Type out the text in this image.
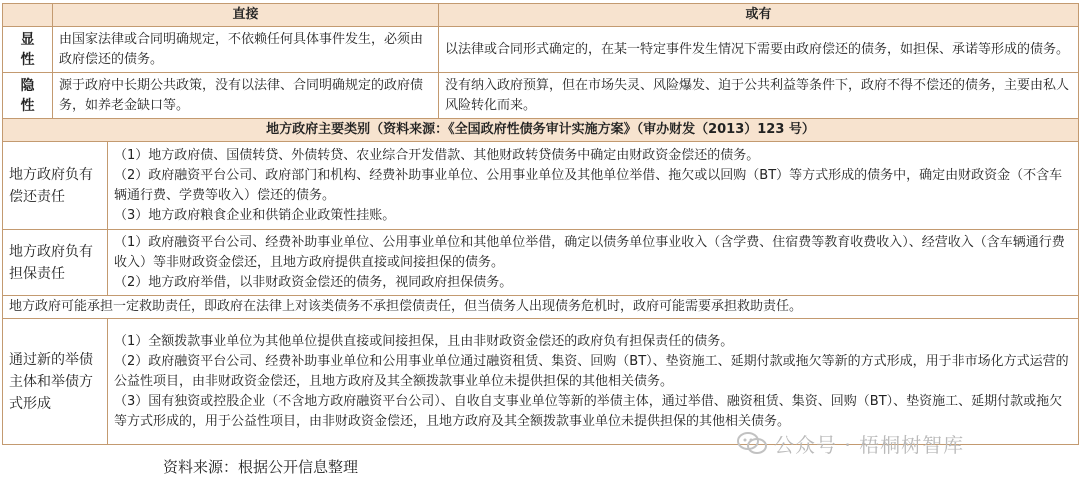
	直接		或有
显
性	由国家法律或合同明确规定，不依赖任何具体事件发生，必须由政府偿还的债务。		以法律或合同形式确定的，在某一特定事件发生情况下需要由政府偿还的债务，如担保、承诺等形成的债务。
隐
性	源于政府中长期公共政策，没有以法律、合同明确规定的政府债务，如养老金缺口等。		没有纳入政府预算，但在市场失灵、风险爆发、迫于公共利益等条件下，政府不得不偿还的债务，主要由私人风险转化而来。
地方政府主要类别（资料来源：《全国政府性债务审计实施方案》（审办财发（2013）123 号）			
地方政府负有偿还责任		（1）地方政府债、国债转贷、外债转贷、农业综合开发借款、其他财政转贷债务中确定由财政资金偿还的债务。
（2）政府融资平台公司、政府部门和机构、经费补助事业单位、公用事业单位及其他单位举借、拖欠或以回购（BT）等方式形成的债务中，确定由财政资金（不含车辆通行费、学费等收入）偿还的债务。
（3）地方政府粮食企业和供销企业政策性挂账。	

地方政府负有担保责任		（1）政府融资平台公司、经费补助事业单位、公用事业单位和其他单位举借，确定以债务单位事业收入（含学费、住宿费等教育收费收入）、经营收入（含车辆通行费收入）等非财政资金偿还，且地方政府提供直接或间接担保的债务。
（2）地方政府举借，以非财政资金偿还的债务，视同政府担保债务。	

地方政府可能承担一定救助责任，即政府在法律上对该类债务不承担偿债责任，但当债务人出现债务危机时，政府可能需要承担救助责任。			
通过新的举债主体和举债方式形成		（1）全额拨款事业单位为其他单位提供直接或间接担保，且由非财政资金偿还的政府负有担保责任的债务。
（2）政府融资平台公司、经费补助事业单位和公用事业单位通过融资租赁、集资、回购（BT）、垫资施工、延期付款或拖欠等新的方式形成，用于非市场化方式运营的公益性项目，由非财政资金偿还，且地方政府及其全额拨款事业单位未提供担保的其他相关债务。
（3）国有独资或控股企业（不含地方政府融资平台公司）、自收自支事业单位等新的举债主体，通过举借、融资租赁、集资、回购（BT）、垫资施工、延期付款或拖欠等方式形成的，用于公益性项目，由非财政资金偿还，且地方政府及其全额拨款事业单位未提供担保的其他相关债务。	
公众号 · 梧桐树智库
资料来源：根据公开信息整理
